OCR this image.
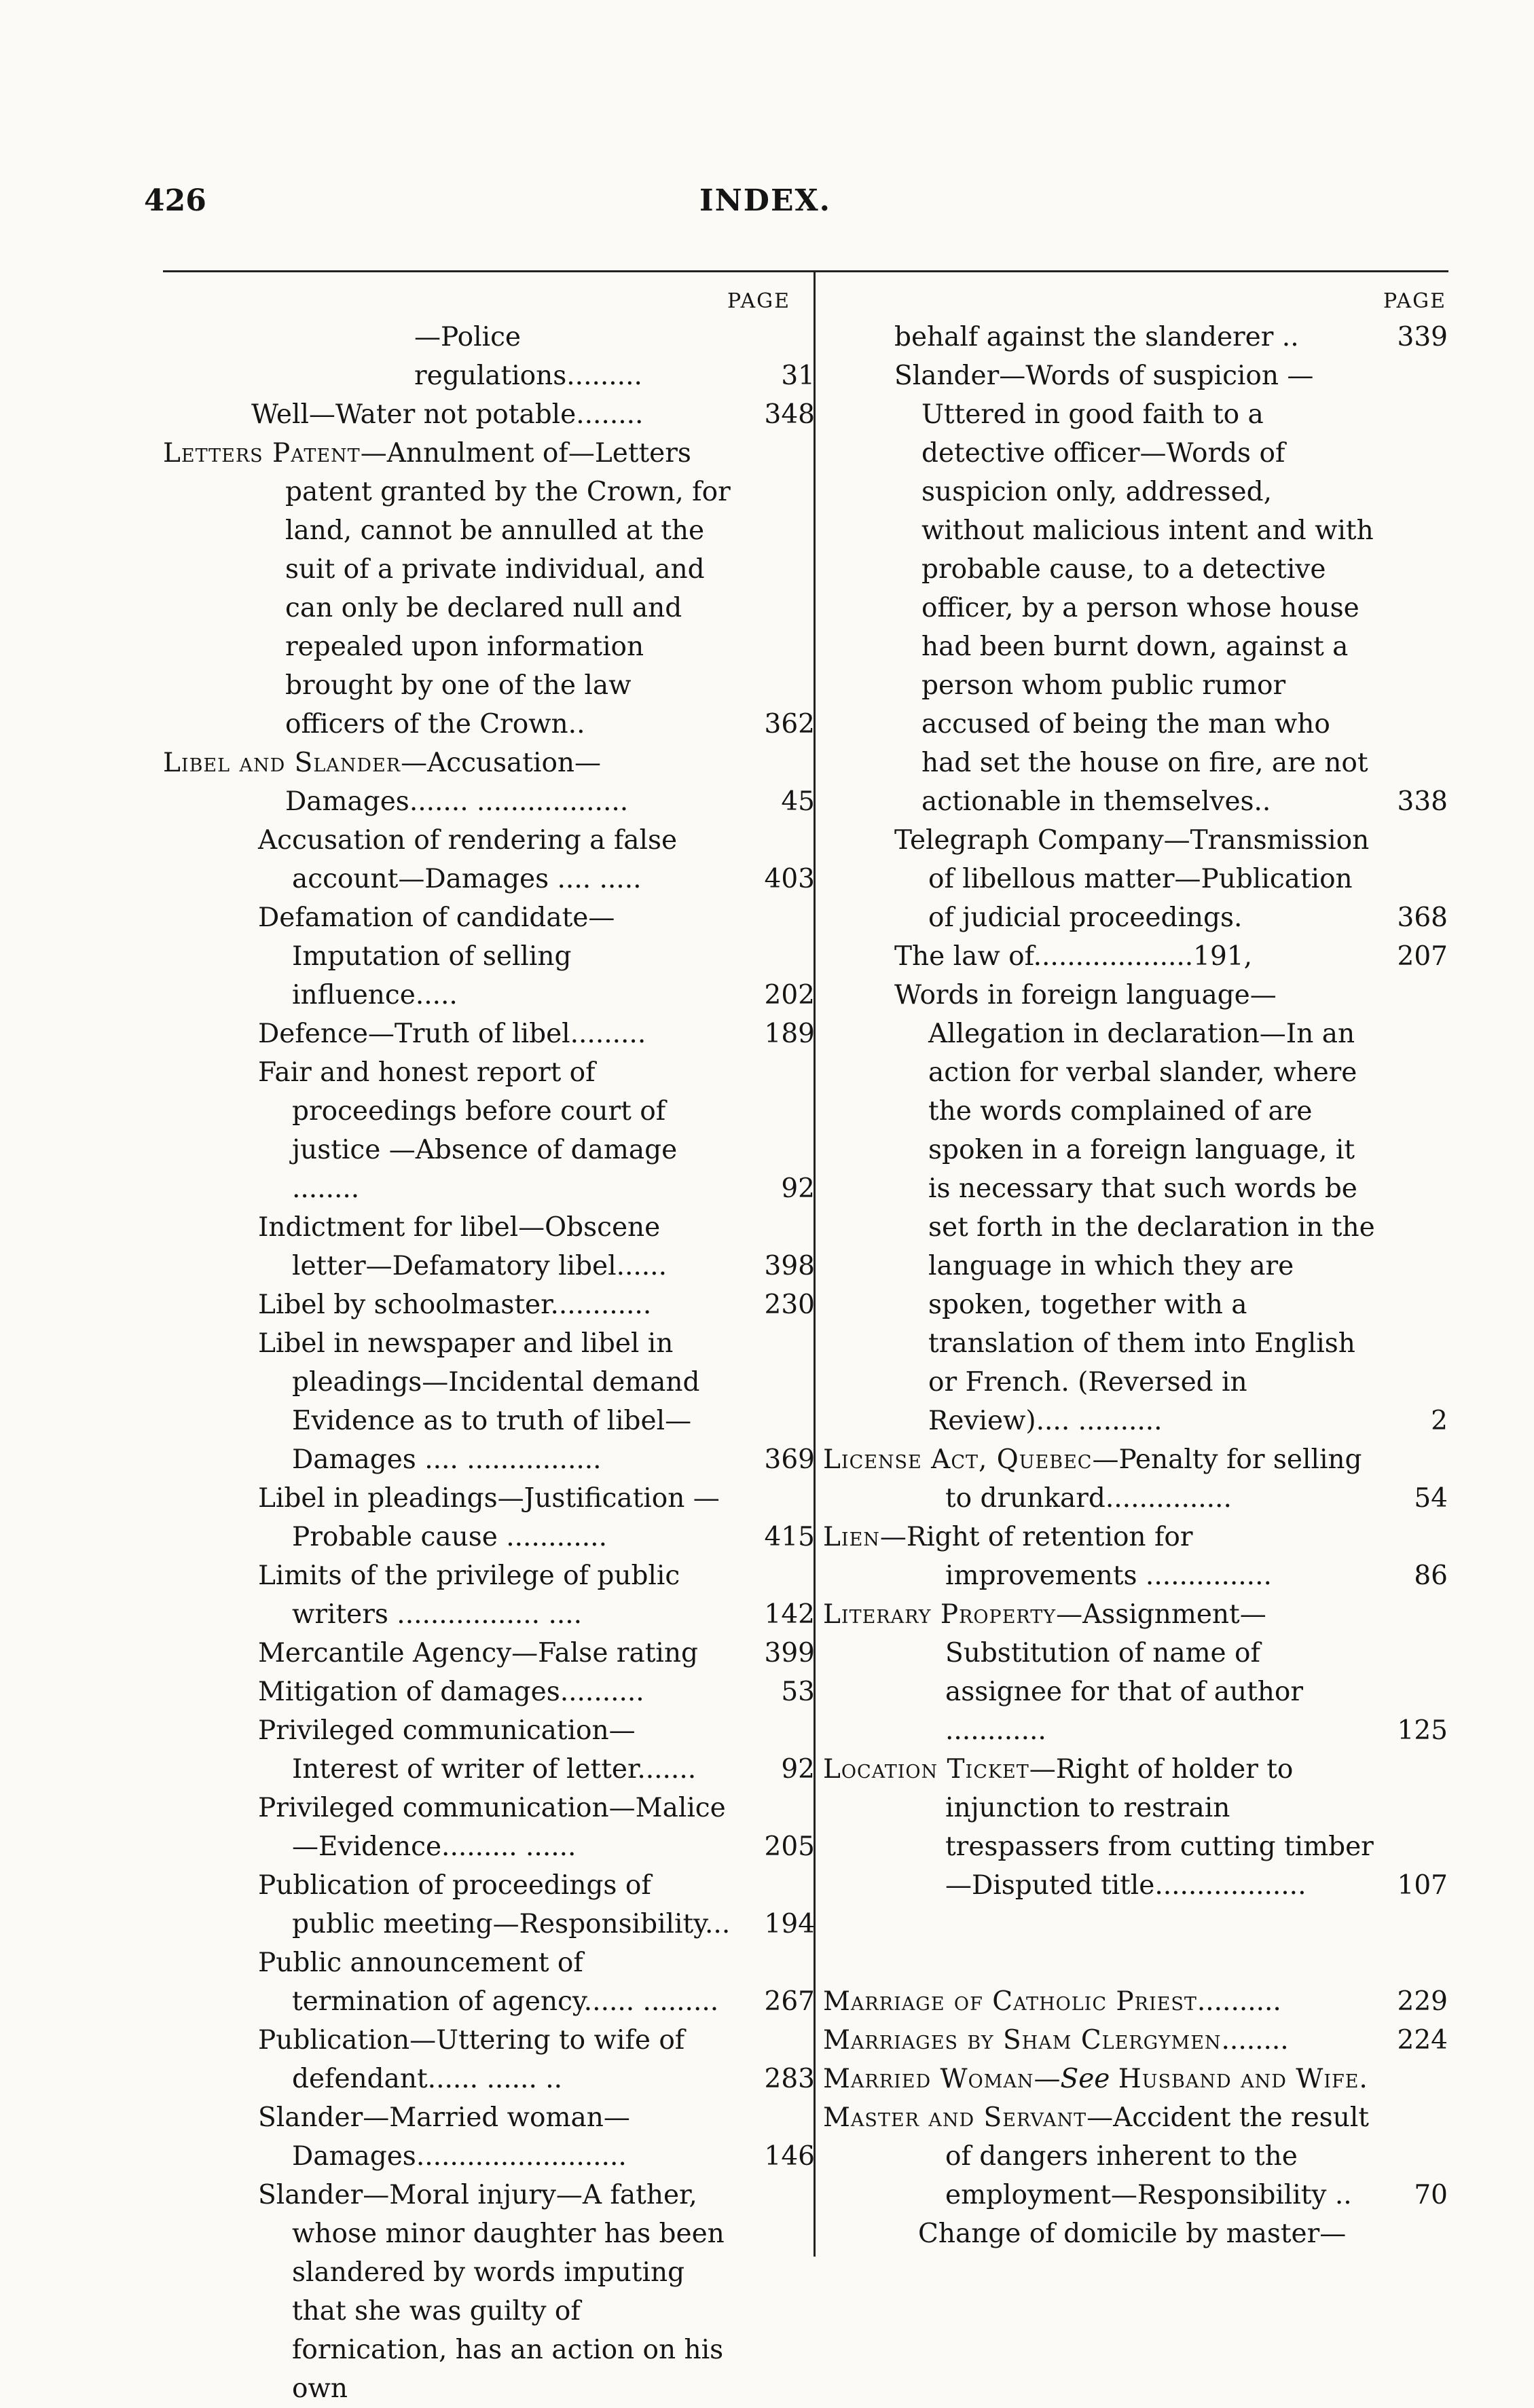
426	INDEX.
PAGE
—Police regulations.........	31
Well—Water not potable........	348
Letters Patent—Annulment of—Letters patent granted by the Crown, for land, cannot be annulled at the suit of a private individual, and can only be declared null and repealed upon information brought by one of the law officers of the Crown..	362
Libel and Slander—Accusation—Damages....... ..................	45
Accusation of rendering a false account—Damages .... .....	403
Defamation of candidate—Imputation of selling influence.....	202
Defence—Truth of libel.........	189
Fair and honest report of proceedings before court of justice —Absence of damage ........	92
Indictment for libel—Obscene letter—Defamatory libel......	398
Libel by schoolmaster............	230
Libel in newspaper and libel in pleadings—Incidental demand Evidence as to truth of libel—Damages .... ................	369
Libel in pleadings—Justification —Probable cause ............	415
Limits of the privilege of public writers ................. ....	142
Mercantile Agency—False rating	399
Mitigation of damages..........	53
Privileged communication—Interest of writer of letter.......	92
Privileged communication—Malice—Evidence......... ......	205
Publication of proceedings of public meeting—Responsibility...	194
Public announcement of termination of agency...... .........	267
Publication—Uttering to wife of defendant...... ...... ..	283
Slander—Married woman—Damages.........................	146
Slander—Moral injury—A father, whose minor daughter has been slandered by words imputing that she was guilty of fornication, has an action on his own
PAGE
behalf against the slanderer ..	339
Slander—Words of suspicion —
Uttered in good faith to a detective officer—Words of suspicion only, addressed, without malicious intent and with probable cause, to a detective officer, by a person whose house had been burnt down, against a person whom public rumor accused of being the man who had set the house on fire, are not actionable in themselves..	338
Telegraph Company—Transmission of libellous matter—Publication of judicial proceedings.	368
The law of...................191,	207
Words in foreign language—
Allegation in declaration—In an action for verbal slander, where the words complained of are spoken in a foreign language, it is necessary that such words be set forth in the declaration in the language in which they are spoken, together with a translation of them into English or French. (Reversed in Review).... ..........	2
License Act, Quebec—Penalty for selling to drunkard...............	54
Lien—Right of retention for improvements ...............	86
Literary Property—Assignment—Substitution of name of assignee for that of author ............	125
Location Ticket—Right of holder to injunction to restrain trespassers from cutting timber—Disputed title..................	107
Marriage of Catholic Priest..........	229
Marriages by Sham Clergymen........	224
Married Woman—See Husband and Wife.
Master and Servant—Accident the result of dangers inherent to the employment—Responsibility ..	70
Change of domicile by master—
